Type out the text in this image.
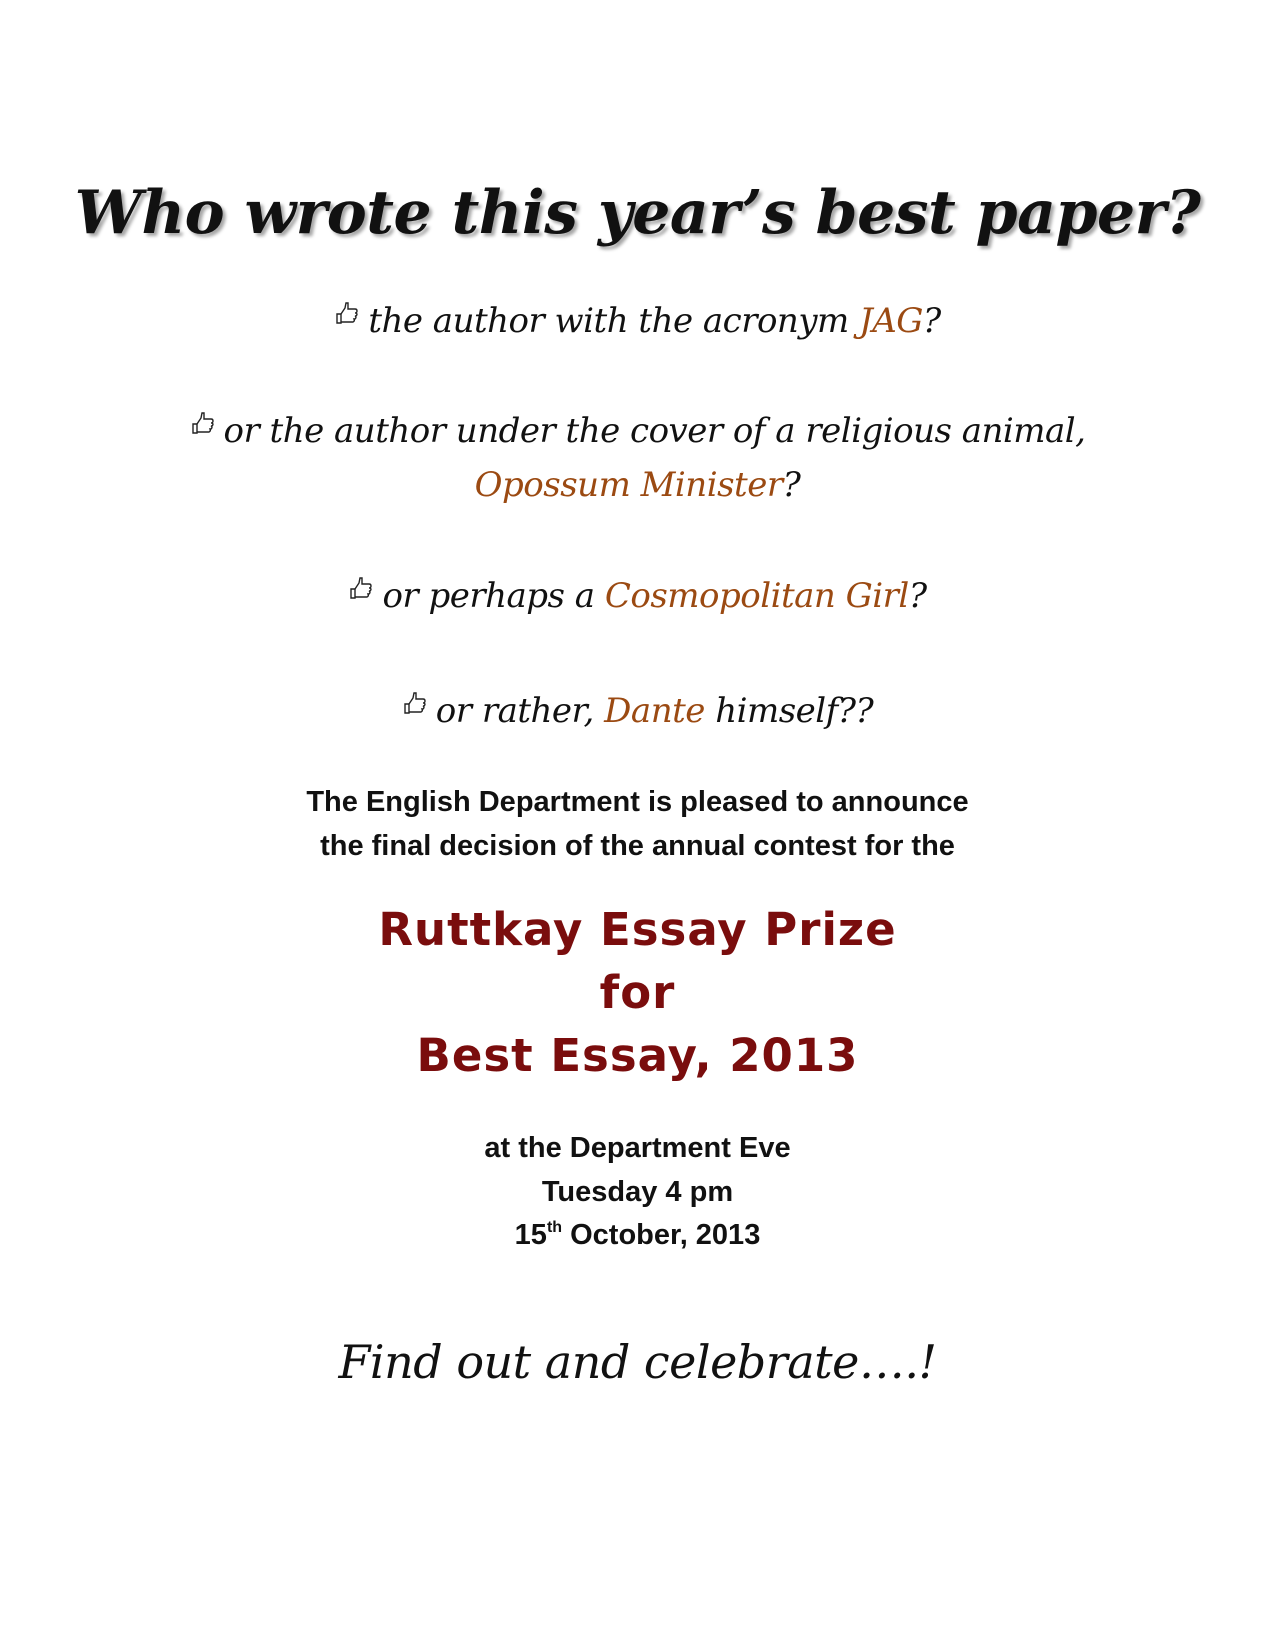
Who wrote this year’s best paper?
the author with the acronym JAG?
or the author under the cover of a religious animal,
Opossum Minister?
or perhaps a Cosmopolitan Girl?
or rather, Dante himself??
The English Department is pleased to announce
the final decision of the annual contest for the
Ruttkay Essay Prize
for
Best Essay, 2013
at the Department Eve
Tuesday 4 pm
15th October, 2013
Find out and celebrate….!
